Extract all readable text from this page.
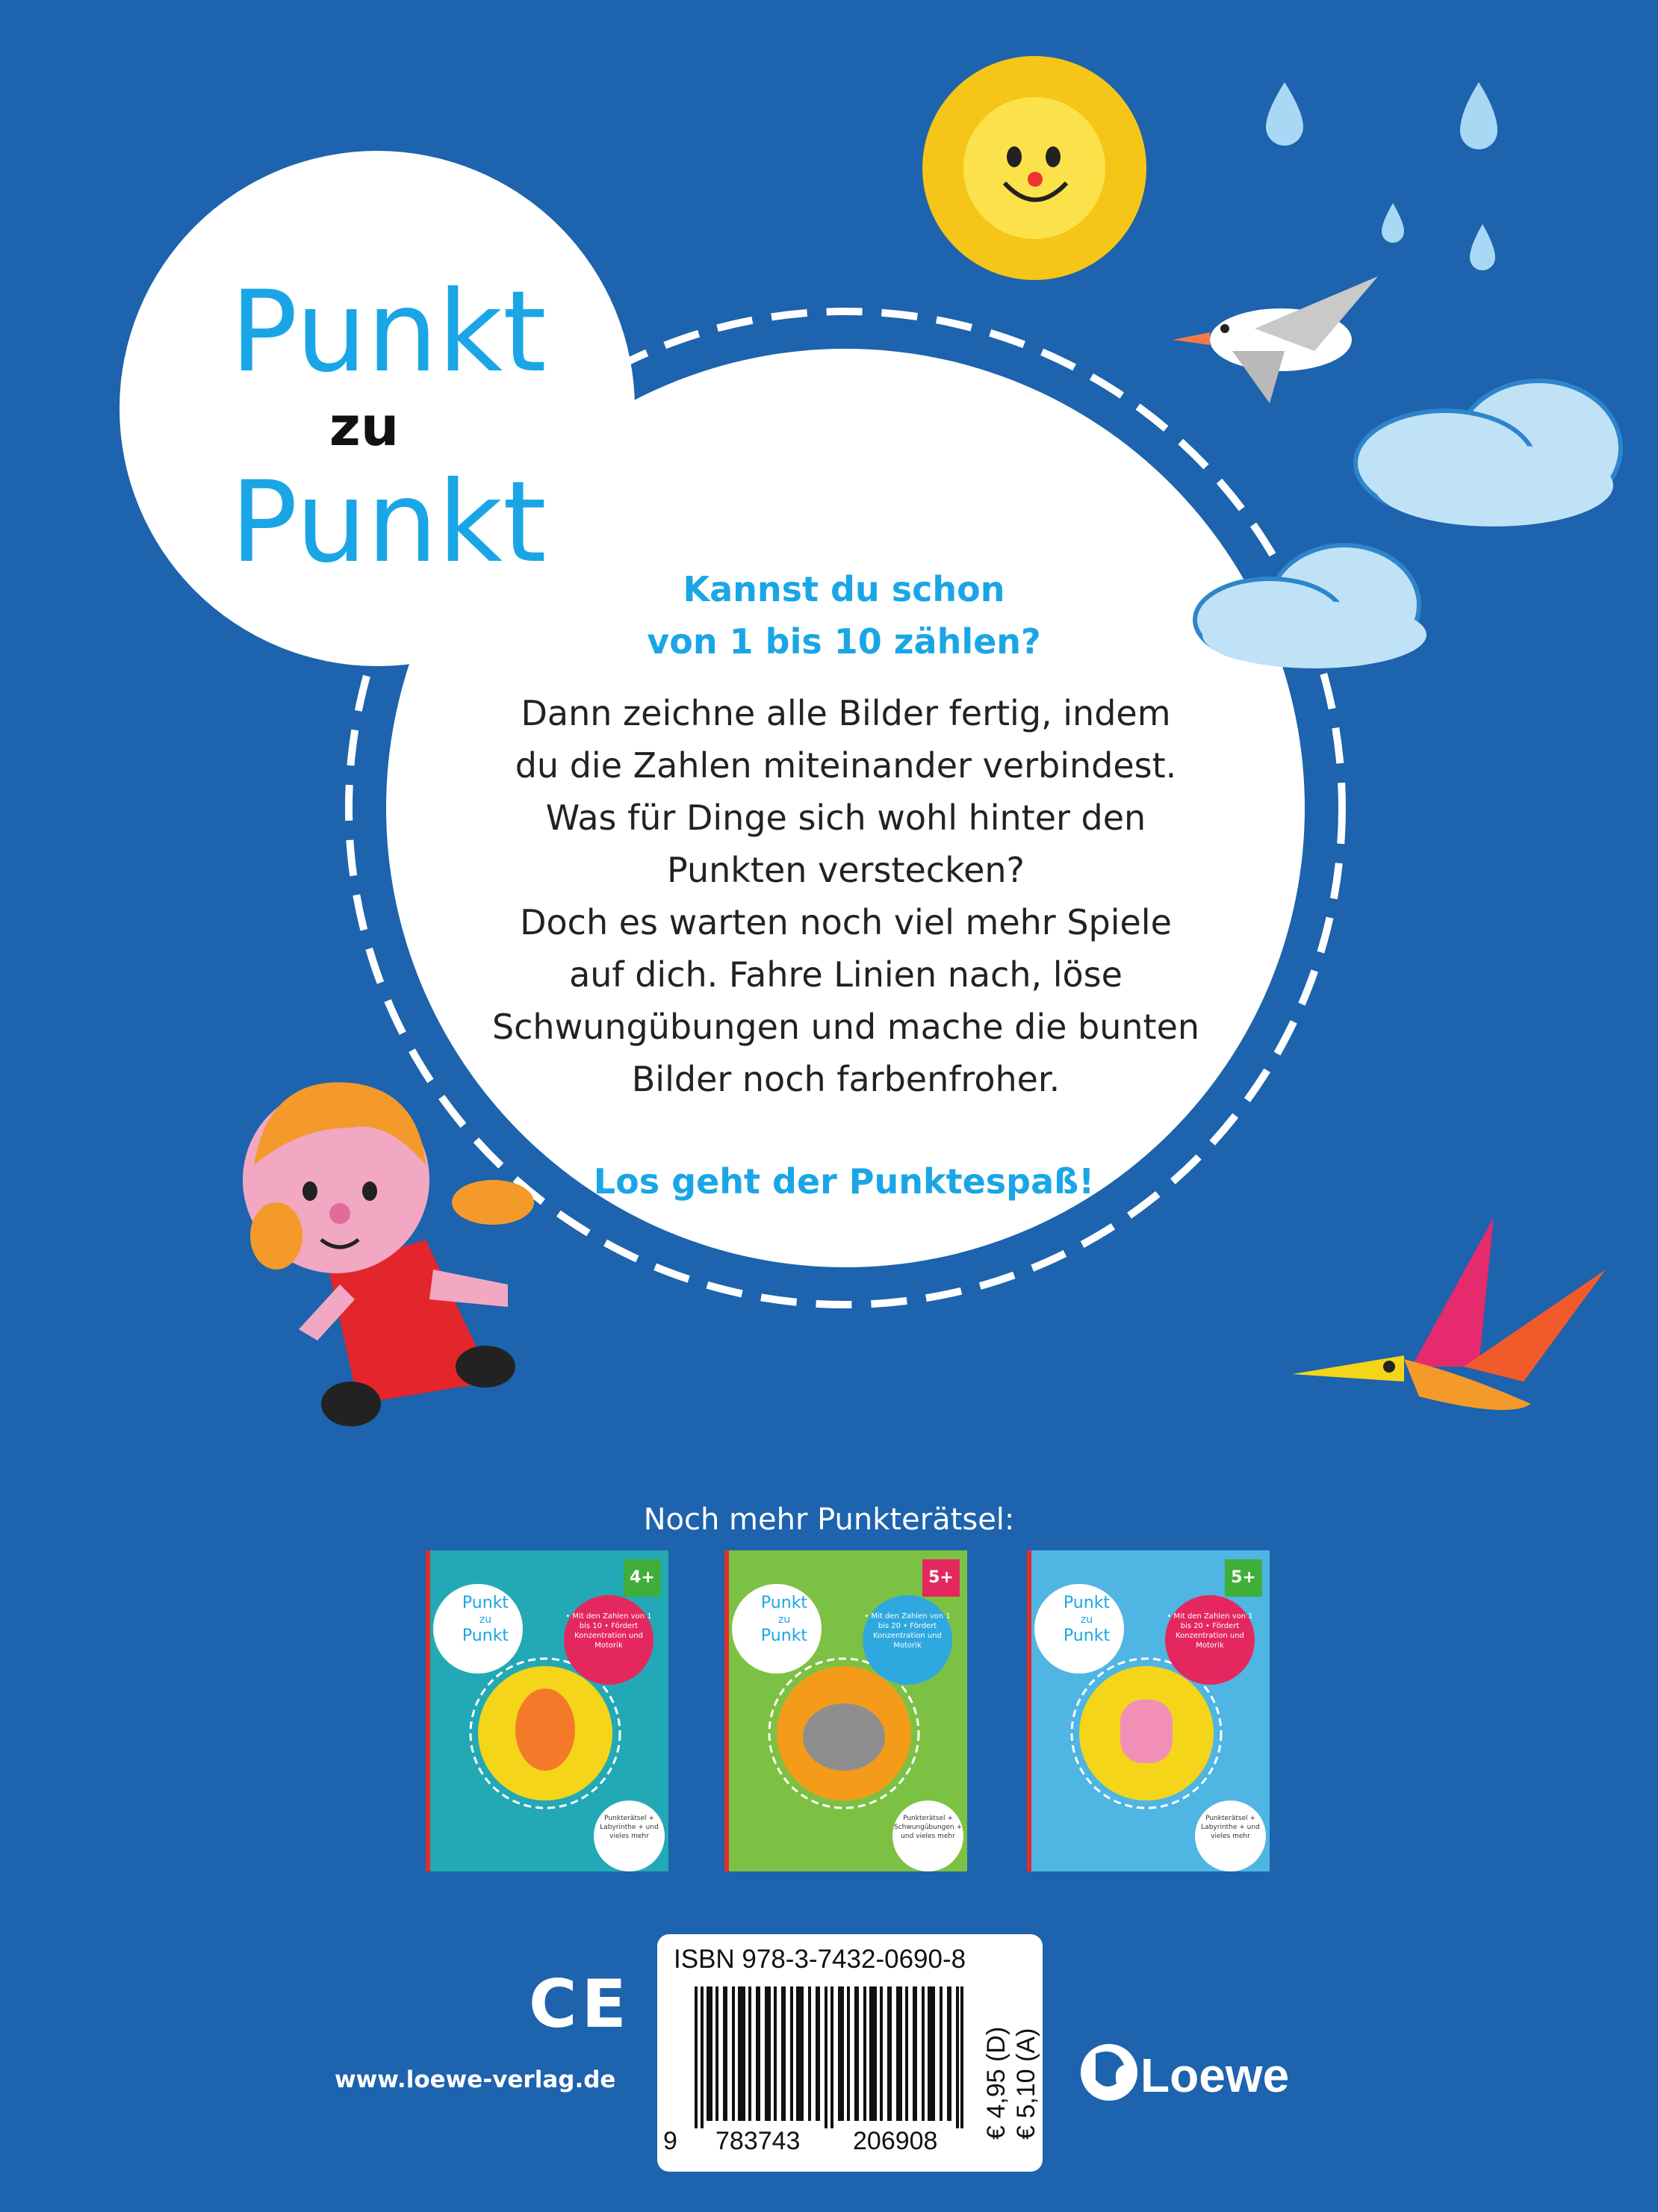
Punkt
zu
Punkt
Kannst du schon
von 1 bis 10 zählen?
Dann zeichne alle Bilder fertig, indem
du die Zahlen miteinander verbindest.
Was für Dinge sich wohl hinter den
Punkten verstecken?
Doch es warten noch viel mehr Spiele
auf dich. Fahre Linien nach, löse
Schwungübungen und mache die bunten
Bilder noch farbenfroher.
Los geht der Punktespaß!
Noch mehr Punkterätsel:
Punkt
zu
Punkt
4+
• Mit den Zahlen von 1 bis 10 • Fördert Konzentration und Motorik
Punkterätsel + Labyrinthe + und vieles mehr
Loewe
Punkt
zu
Punkt
5+
• Mit den Zahlen von 1 bis 20 • Fördert Konzentration und Motorik
Punkterätsel + Schwungübungen + und vieles mehr
Loewe
Punkt
zu
Punkt
5+
• Mit den Zahlen von 1 bis 20 • Fördert Konzentration und Motorik
Punkterätsel + Labyrinthe + und vieles mehr
Loewe
CE
www.loewe-verlag.de
ISBN 978-3-7432-0690-8
9 783743 206908
€ 4,95 (D) € 5,10 (A) Loewe
